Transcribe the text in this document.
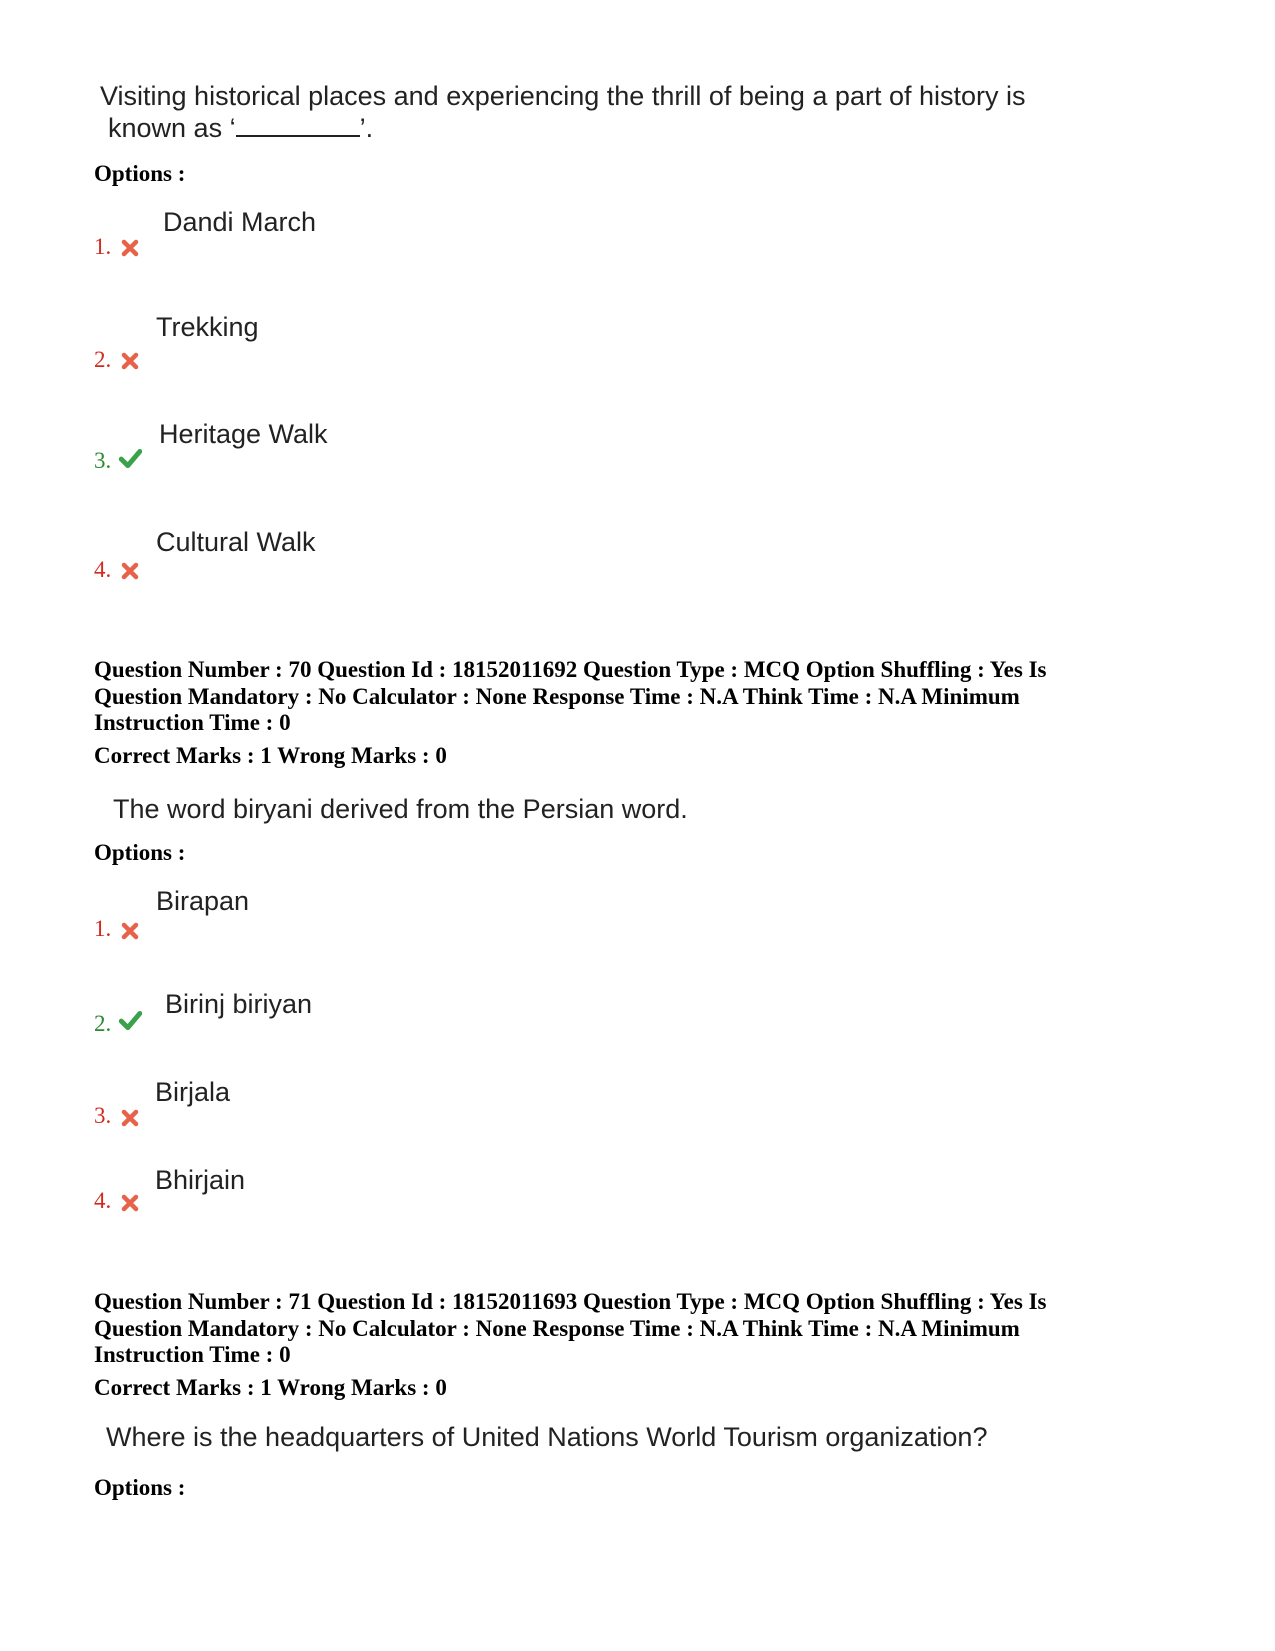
Visiting historical places and experiencing the thrill of being a part of history is
known as ‘	’.
Options :
Dandi March
1.
Trekking
2.
Heritage Walk
3.
Cultural Walk
4.
Question Number : 70 Question Id : 18152011692 Question Type : MCQ Option Shuffling : Yes Is
Question Mandatory : No Calculator : None Response Time : N.A Think Time : N.A Minimum
Instruction Time : 0
Correct Marks : 1 Wrong Marks : 0
The word biryani derived from the Persian word.
Options :
Birapan
1.
Birinj biriyan
2.
Birjala
3.
Bhirjain
4.
Question Number : 71 Question Id : 18152011693 Question Type : MCQ Option Shuffling : Yes Is
Question Mandatory : No Calculator : None Response Time : N.A Think Time : N.A Minimum
Instruction Time : 0
Correct Marks : 1 Wrong Marks : 0
Where is the headquarters of United Nations World Tourism organization?
Options :
